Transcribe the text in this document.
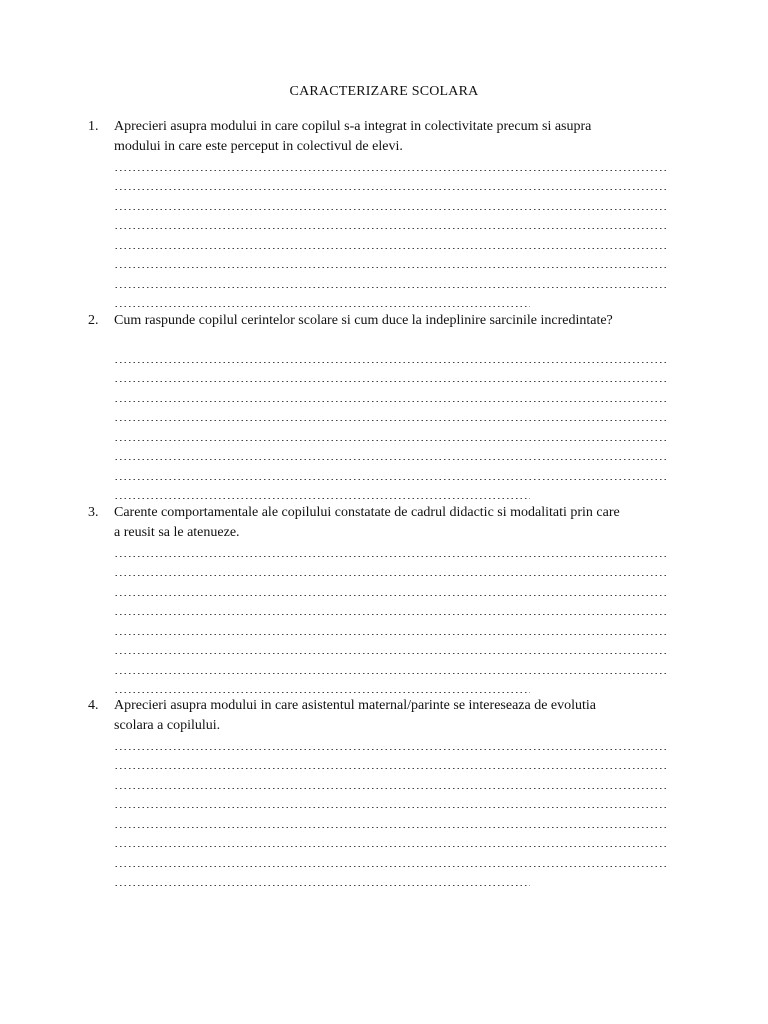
CARACTERIZARE SCOLARA
1. Aprecieri asupra modului in care copilul s-a integrat in colectivitate precum si asupra
modului in care este perceput in colectivul de elevi.
2. Cum raspunde copilul cerintelor scolare si cum duce la indeplinire sarcinile incredintate?
3. Carente comportamentale ale copilului constatate de cadrul didactic si modalitati prin care
a reusit sa le atenueze.
4. Aprecieri asupra modului in care asistentul maternal/parinte se intereseaza de evolutia
scolara a copilului.
